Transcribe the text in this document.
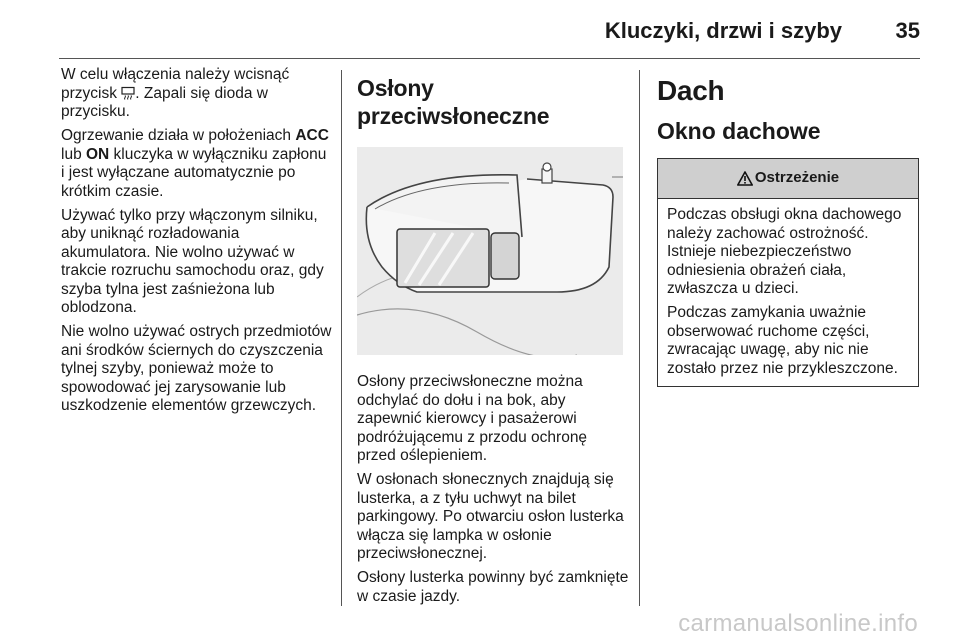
Kluczyki, drzwi i szyby 35

W celu włączenia należy wcisnąć przycisk . Zapali się dioda w przycisku.

Ogrzewanie działa w położeniach ACC lub ON kluczyka w wyłączniku zapłonu i jest wyłączane automatycznie po krótkim czasie.

Używać tylko przy włączonym silniku, aby uniknąć rozładowania akumulatora. Nie wolno używać w trakcie rozruchu samochodu oraz, gdy szyba tylna jest zaśnieżona lub oblodzona.

Nie wolno używać ostrych przedmiotów ani środków ściernych do czyszczenia tylnej szyby, ponieważ może to spowodować jej zarysowanie lub uszkodzenie elementów grzewczych.

Osłony przeciwsłoneczne

Osłony przeciwsłoneczne można odchylać do dołu i na bok, aby zapewnić kierowcy i pasażerowi podróżującemu z przodu ochronę przed oślepieniem.

W osłonach słonecznych znajdują się lusterka, a z tyłu uchwyt na bilet parkingowy. Po otwarciu osłon lusterka włącza się lampka w osłonie przeciwsłonecznej.

Osłony lusterka powinny być zamknięte w czasie jazdy.

Dach
Okno dachowe
Ostrzeżenie

Podczas obsługi okna dachowego należy zachować ostrożność. Istnieje niebezpieczeństwo odniesienia obrażeń ciała, zwłaszcza u dzieci.

Podczas zamykania uważnie obserwować ruchome części, zwracając uwagę, aby nic nie zostało przez nie przykleszczone.

carmanualsonline.info
